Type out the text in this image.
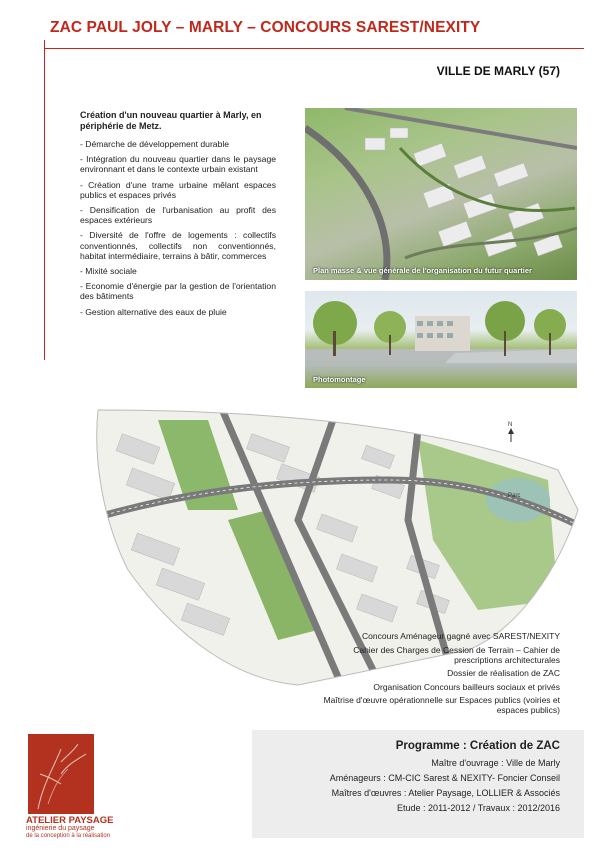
ZAC PAUL JOLY – MARLY – CONCOURS SAREST/NEXITY
VILLE DE MARLY (57)
Création d'un nouveau quartier à Marly, en périphérie de Metz.
- Démarche de développement durable
- Intégration du nouveau quartier dans le paysage environnant et dans le contexte urbain existant
- Création d'une trame urbaine mêlant espaces publics et espaces privés
- Densification de l'urbanisation au profit des espaces extérieurs
- Diversité de l'offre de logements : collectifs conventionnés, collectifs non conventionnés, habitat intermédiaire, terrains à bâtir, commerces
- Mixité sociale
- Economie d'énergie par la gestion de l'orientation des bâtiments
- Gestion alternative des eaux de pluie
Plan masse & vue générale de l'organisation du futur quartier
Photomontage
Parc
N
Concours Aménageur gagné avec SAREST/NEXITY
Cahier des Charges de Cession de Terrain – Cahier de prescriptions architecturales
Dossier de réalisation de ZAC
Organisation Concours bailleurs sociaux et privés
Maîtrise d'œuvre opérationnelle sur Espaces publics (voiries et espaces publics)
Programme : Création de ZAC
Maître d'ouvrage : Ville de Marly
Aménageurs : CM-CIC Sarest & NEXITY- Foncier Conseil
Maîtres d'œuvres : Atelier Paysage, LOLLIER & Associés
Etude : 2011-2012 / Travaux : 2012/2016
ATELIER PAYSAGE
ingénierie du paysage
de la conception à la réalisation
